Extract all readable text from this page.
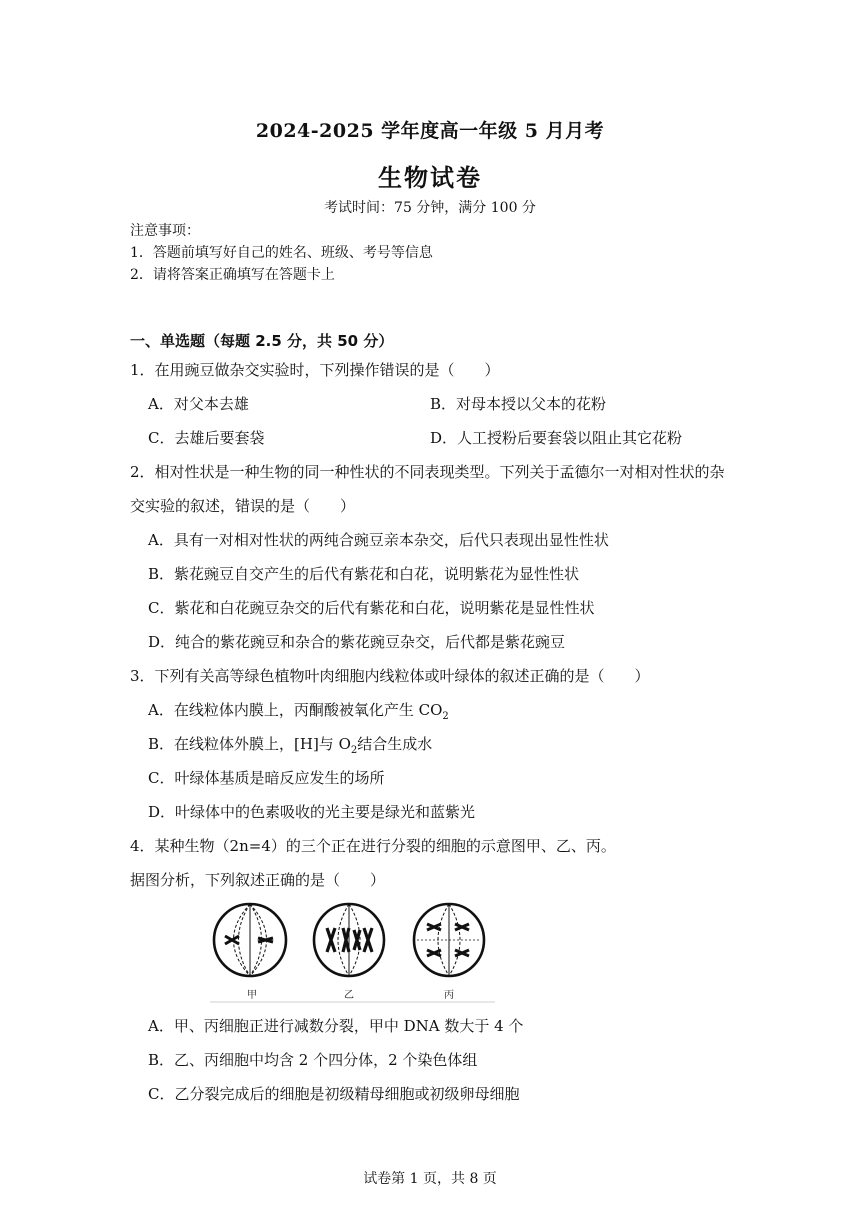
2024-2025 学年度高一年级 5 月月考
生物试卷
考试时间：75 分钟，满分 100 分
注意事项：
1．答题前填写好自己的姓名、班级、考号等信息
2．请将答案正确填写在答题卡上
一、单选题（每题 2.5 分，共 50 分）
1．在用豌豆做杂交实验时，下列操作错误的是（　　）
A．对父本去雄	B．对母本授以父本的花粉
C．去雄后要套袋	D．人工授粉后要套袋以阻止其它花粉
2．相对性状是一种生物的同一种性状的不同表现类型。下列关于孟德尔一对相对性状的杂
交实验的叙述，错误的是（　　）
A．具有一对相对性状的两纯合豌豆亲本杂交，后代只表现出显性性状
B．紫花豌豆自交产生的后代有紫花和白花，说明紫花为显性性状
C．紫花和白花豌豆杂交的后代有紫花和白花，说明紫花是显性性状
D．纯合的紫花豌豆和杂合的紫花豌豆杂交，后代都是紫花豌豆
3．下列有关高等绿色植物叶肉细胞内线粒体或叶绿体的叙述正确的是（　　）
A．在线粒体内膜上，丙酮酸被氧化产生 $CO_2$
B．在线粒体外膜上，[H]与 $O_2$结合生成水
C．叶绿体基质是暗反应发生的场所
D．叶绿体中的色素吸收的光主要是绿光和蓝紫光
4．某种生物（2n=4）的三个正在进行分裂的细胞的示意图甲、乙、丙。
据图分析，下列叙述正确的是（　　）
甲	乙	丙
A．甲、丙细胞正进行减数分裂，甲中 DNA 数大于 4 个
B．乙、丙细胞中均含 2 个四分体，2 个染色体组
C．乙分裂完成后的细胞是初级精母细胞或初级卵母细胞
试卷第 1 页，共 8 页
